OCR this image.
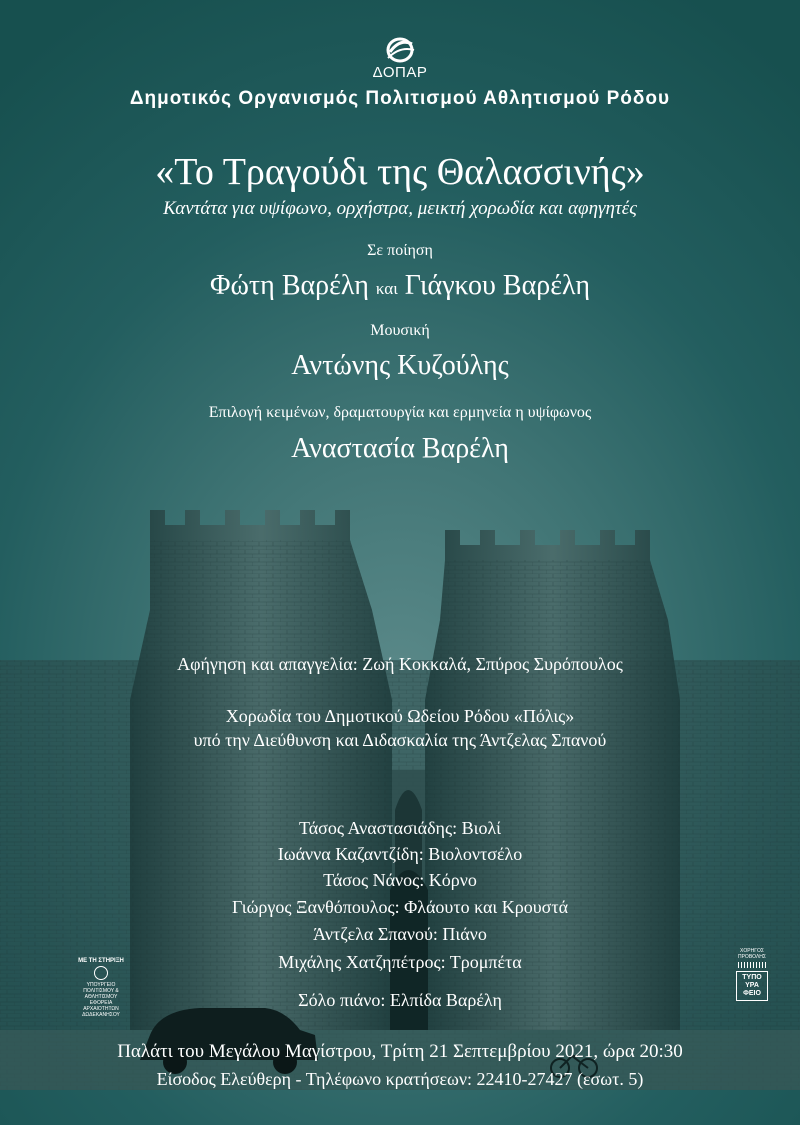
ΔΟΠΑΡ
Δημοτικός Οργανισμός Πολιτισμού Αθλητισμού Ρόδου
«Το Τραγούδι της Θαλασσινής»
Καντάτα για υψίφωνο, ορχήστρα, μεικτή χορωδία και αφηγητές
Σε ποίηση
Φώτη Βαρέλη και Γιάγκου Βαρέλη
Μουσική
Αντώνης Κυζούλης
Επιλογή κειμένων, δραματουργία και ερμηνεία η υψίφωνος
Αναστασία Βαρέλη
Αφήγηση και απαγγελία: Ζωή Κοκκαλά, Σπύρος Συρόπουλος
Χορωδία του Δημοτικού Ωδείου Ρόδου «Πόλις»
υπό την Διεύθυνση και Διδασκαλία της Άντζελας Σπανού
Τάσος Αναστασιάδης: Βιολί
Ιωάννα Καζαντζίδη: Βιολοντσέλο
Τάσος Νάνος: Κόρνο
Γιώργος Ξανθόπουλος: Φλάουτο και Κρουστά
Άντζελα Σπανού: Πιάνο
Μιχάλης Χατζηπέτρος: Τρομπέτα
Σόλο πιάνο: Ελπίδα Βαρέλη
Παλάτι του Μεγάλου Μαγίστρου, Τρίτη 21 Σεπτεμβρίου 2021, ώρα 20:30
Είσοδος Ελεύθερη - Τηλέφωνο κρατήσεων: 22410-27427 (εσωτ. 5)
ΜΕ ΤΗ ΣΤΗΡΙΞΗ
ΥΠΟΥΡΓΕΙΟ
ΠΟΛΙΤΙΣΜΟΥ & ΑΘΛΗΤΙΣΜΟΥ
ΕΦΟΡΕΙΑ ΑΡΧΑΙΟΤΗΤΩΝ
ΔΩΔΕΚΑΝΗΣΟΥ
ΧΟΡΗΓΟΣ ΠΡΟΒΟΛΗΣ
ΤΥΠΟ
ΥΡΑ
ΦΕΙΟ
